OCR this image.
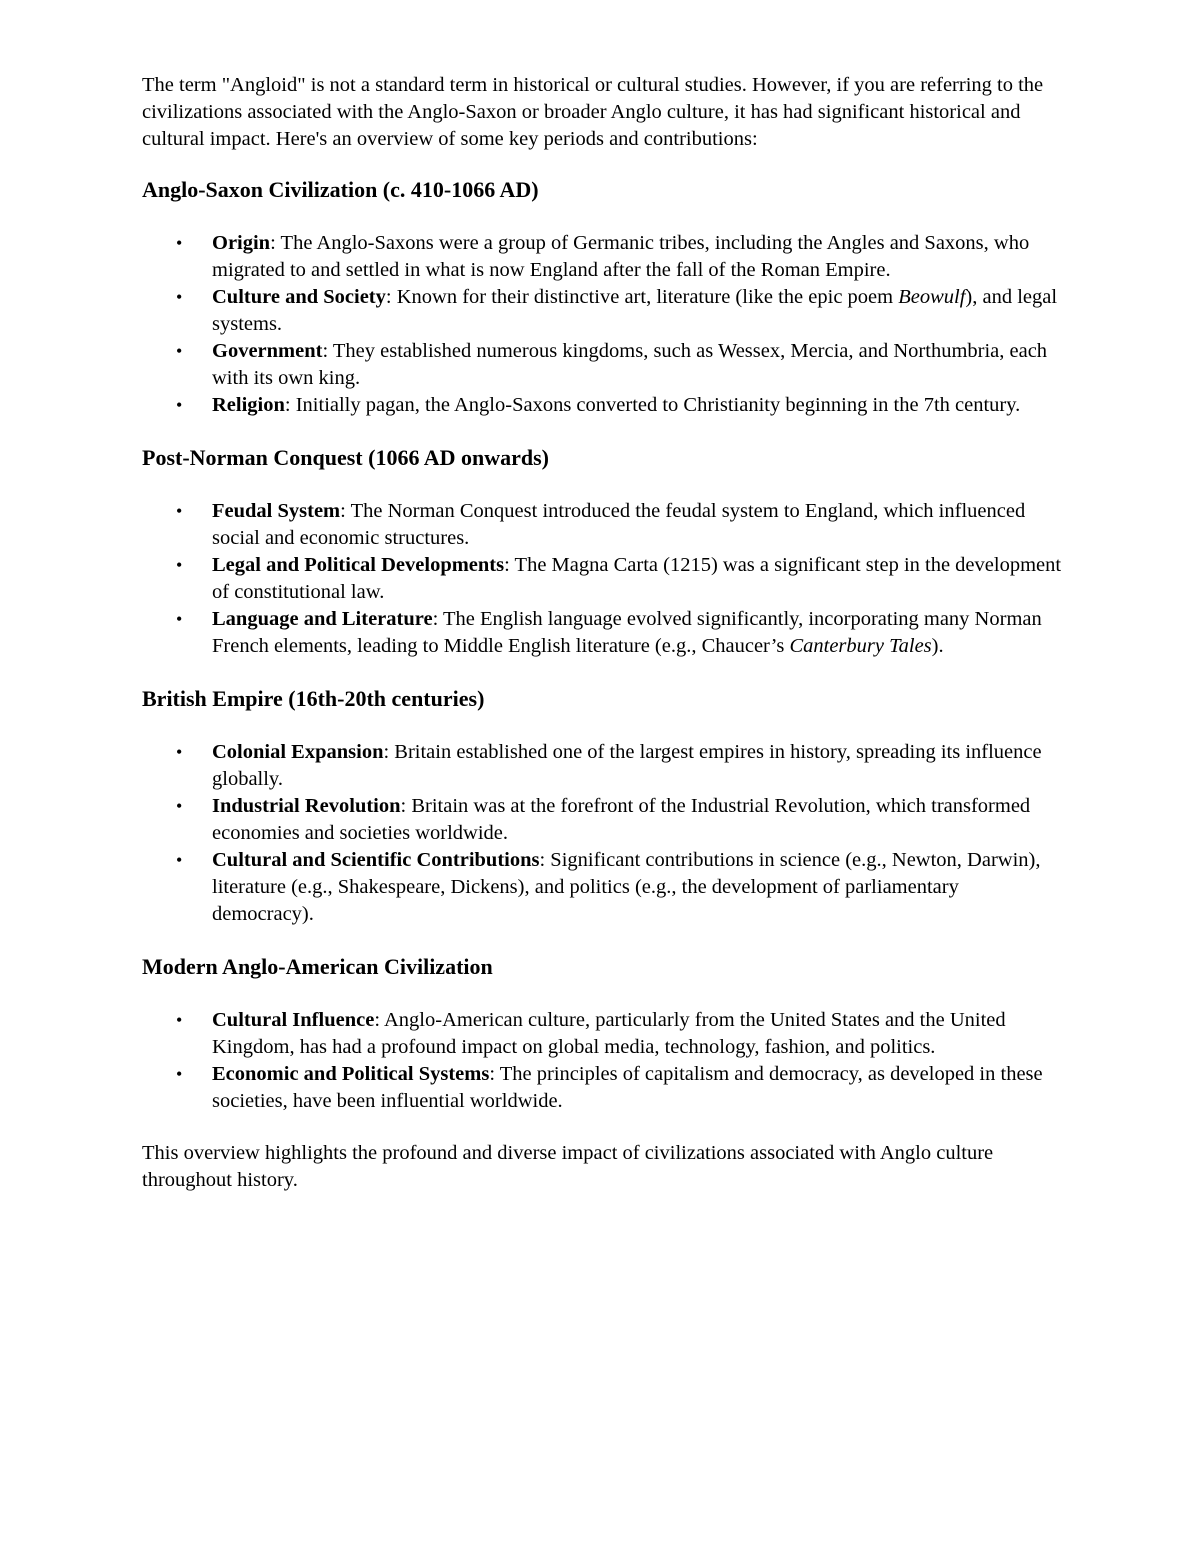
The term "Angloid" is not a standard term in historical or cultural studies. However, if you are referring to the civilizations associated with the Anglo-Saxon or broader Anglo culture, it has had significant historical and cultural impact. Here's an overview of some key periods and contributions:

Anglo-Saxon Civilization (c. 410-1066 AD)
• Origin: The Anglo-Saxons were a group of Germanic tribes, including the Angles and Saxons, who migrated to and settled in what is now England after the fall of the Roman Empire.
• Culture and Society: Known for their distinctive art, literature (like the epic poem Beowulf), and legal systems.
• Government: They established numerous kingdoms, such as Wessex, Mercia, and Northumbria, each with its own king.
• Religion: Initially pagan, the Anglo-Saxons converted to Christianity beginning in the 7th century.
Post-Norman Conquest (1066 AD onwards)
• Feudal System: The Norman Conquest introduced the feudal system to England, which influenced social and economic structures.
• Legal and Political Developments: The Magna Carta (1215) was a significant step in the development of constitutional law.
• Language and Literature: The English language evolved significantly, incorporating many Norman French elements, leading to Middle English literature (e.g., Chaucer’s Canterbury Tales).
British Empire (16th-20th centuries)
• Colonial Expansion: Britain established one of the largest empires in history, spreading its influence globally.
• Industrial Revolution: Britain was at the forefront of the Industrial Revolution, which transformed economies and societies worldwide.
• Cultural and Scientific Contributions: Significant contributions in science (e.g., Newton, Darwin), literature (e.g., Shakespeare, Dickens), and politics (e.g., the development of parliamentary democracy).
Modern Anglo-American Civilization
• Cultural Influence: Anglo-American culture, particularly from the United States and the United Kingdom, has had a profound impact on global media, technology, fashion, and politics.
• Economic and Political Systems: The principles of capitalism and democracy, as developed in these societies, have been influential worldwide.

This overview highlights the profound and diverse impact of civilizations associated with Anglo culture throughout history.
